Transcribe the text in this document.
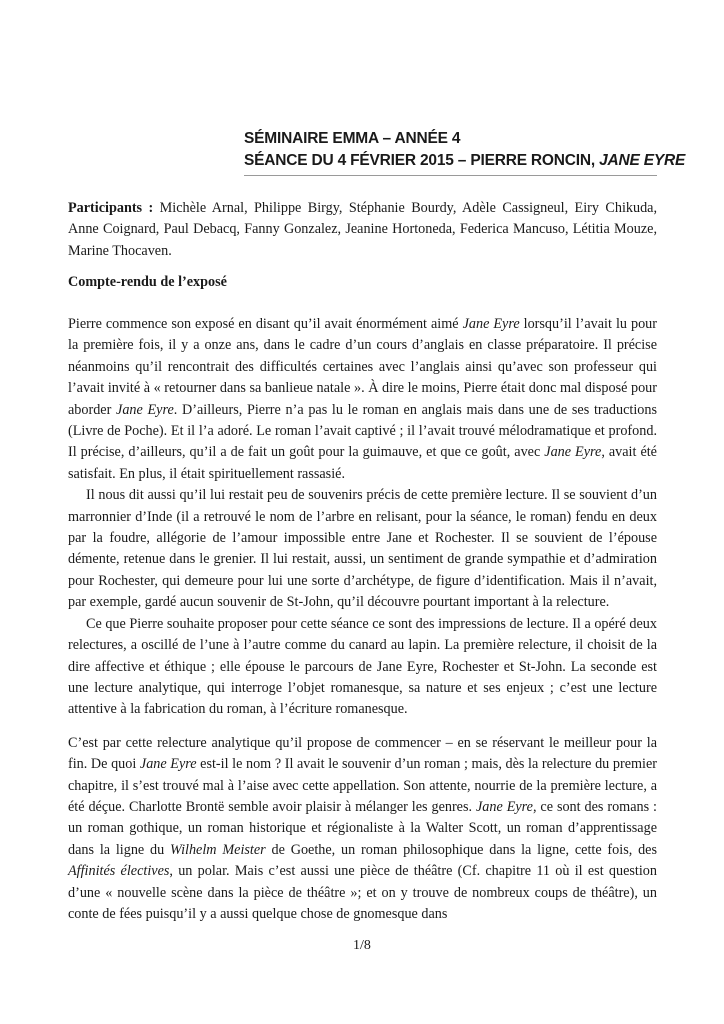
SÉMINAIRE EMMA – ANNÉE 4
SÉANCE DU 4 FÉVRIER 2015 – PIERRE RONCIN, JANE EYRE

Participants : Michèle Arnal, Philippe Birgy, Stéphanie Bourdy, Adèle Cassigneul, Eiry Chikuda, Anne Coignard, Paul Debacq, Fanny Gonzalez, Jeanine Hortoneda, Federica Mancuso, Létitia Mouze, Marine Thocaven.

Compte-rendu de l’exposé

Pierre commence son exposé en disant qu’il avait énormément aimé Jane Eyre lorsqu’il l’avait lu pour la première fois, il y a onze ans, dans le cadre d’un cours d’anglais en classe préparatoire. Il précise néanmoins qu’il rencontrait des difficultés certaines avec l’anglais ainsi qu’avec son professeur qui l’avait invité à « retourner dans sa banlieue natale ». À dire le moins, Pierre était donc mal disposé pour aborder Jane Eyre. D’ailleurs, Pierre n’a pas lu le roman en anglais mais dans une de ses traductions (Livre de Poche). Et il l’a adoré. Le roman l’avait captivé ; il l’avait trouvé mélodramatique et profond. Il précise, d’ailleurs, qu’il a de fait un goût pour la guimauve, et que ce goût, avec Jane Eyre, avait été satisfait. En plus, il était spirituellement rassasié.

Il nous dit aussi qu’il lui restait peu de souvenirs précis de cette première lecture. Il se souvient d’un marronnier d’Inde (il a retrouvé le nom de l’arbre en relisant, pour la séance, le roman) fendu en deux par la foudre, allégorie de l’amour impossible entre Jane et Rochester. Il se souvient de l’épouse démente, retenue dans le grenier. Il lui restait, aussi, un sentiment de grande sympathie et d’admiration pour Rochester, qui demeure pour lui une sorte d’archétype, de figure d’identification. Mais il n’avait, par exemple, gardé aucun souvenir de St-John, qu’il découvre pourtant important à la relecture.

Ce que Pierre souhaite proposer pour cette séance ce sont des impressions de lecture. Il a opéré deux relectures, a oscillé de l’une à l’autre comme du canard au lapin. La première relecture, il choisit de la dire affective et éthique ; elle épouse le parcours de Jane Eyre, Rochester et St-John. La seconde est une lecture analytique, qui interroge l’objet romanesque, sa nature et ses enjeux ; c’est une lecture attentive à la fabrication du roman, à l’écriture romanesque.

C’est par cette relecture analytique qu’il propose de commencer – en se réservant le meilleur pour la fin. De quoi Jane Eyre est-il le nom ? Il avait le souvenir d’un roman ; mais, dès la relecture du premier chapitre, il s’est trouvé mal à l’aise avec cette appellation. Son attente, nourrie de la première lecture, a été déçue. Charlotte Brontë semble avoir plaisir à mélanger les genres. Jane Eyre, ce sont des romans : un roman gothique, un roman historique et régionaliste à la Walter Scott, un roman d’apprentissage dans la ligne du Wilhelm Meister de Goethe, un roman philosophique dans la ligne, cette fois, des Affinités électives, un polar. Mais c’est aussi une pièce de théâtre (Cf. chapitre 11 où il est question d’une « nouvelle scène dans la pièce de théâtre »; et on y trouve de nombreux coups de théâtre), un conte de fées puisqu’il y a aussi quelque chose de gnomesque dans

1/8
